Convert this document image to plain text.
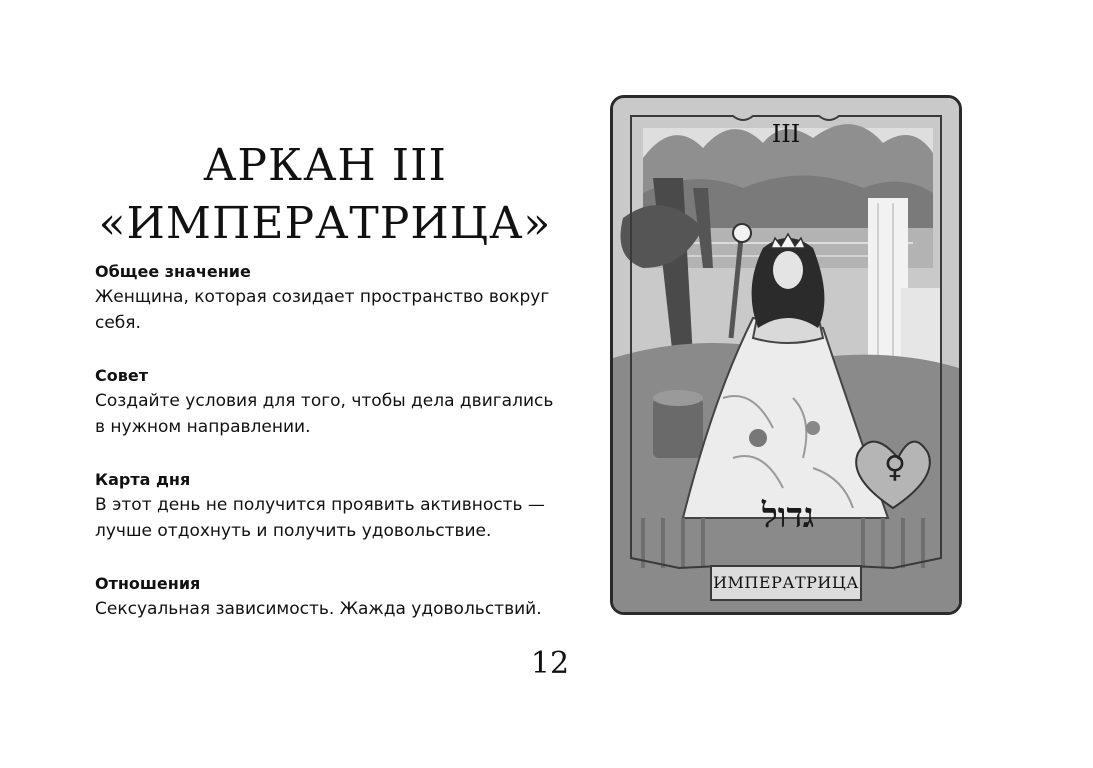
АРКАН III
«ИМПЕРАТРИЦА»
Общее значение
Женщина, которая созидает пространство вокруг
себя.
Совет
Создайте условия для того, чтобы дела двигались
в нужном направлении.
Карта дня
В этот день не получится проявить активность —
лучше отдохнуть и получить удовольствие.
Отношения
Сексуальная зависимость. Жажда удовольствий.
12
III
גדול
♀
ИМПЕРАТРИЦА
